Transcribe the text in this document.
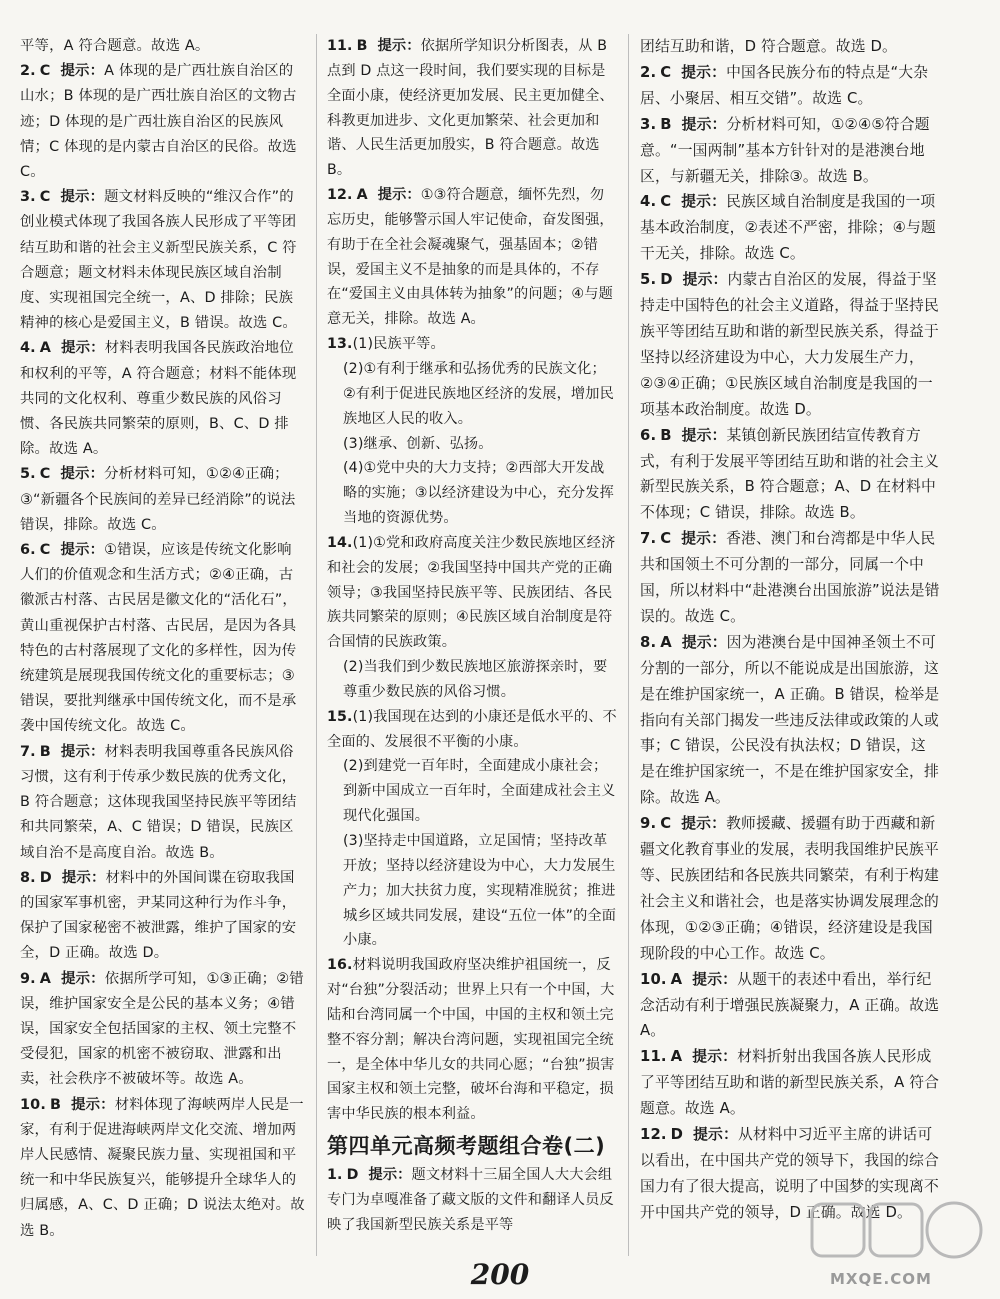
平等，A 符合题意。故选 A。
2. C 提示：A 体现的是广西壮族自治区的山水；B 体现的是广西壮族自治区的文物古迹；D 体现的是广西壮族自治区的民族风情；C 体现的是内蒙古自治区的民俗。故选 C。
3. C 提示：题文材料反映的“维汉合作”的创业模式体现了我国各族人民形成了平等团结互助和谐的社会主义新型民族关系，C 符合题意；题文材料未体现民族区域自治制度、实现祖国完全统一，A、D 排除；民族精神的核心是爱国主义，B 错误。故选 C。
4. A 提示：材料表明我国各民族政治地位和权利的平等，A 符合题意；材料不能体现共同的文化权利、尊重少数民族的风俗习惯、各民族共同繁荣的原则，B、C、D 排除。故选 A。
5. C 提示：分析材料可知，①②④正确；③“新疆各个民族间的差异已经消除”的说法错误，排除。故选 C。
6. C 提示：①错误，应该是传统文化影响人们的价值观念和生活方式；②④正确，古徽派古村落、古民居是徽文化的“活化石”，黄山重视保护古村落、古民居，是因为各具特色的古村落展现了文化的多样性，因为传统建筑是展现我国传统文化的重要标志；③错误，要批判继承中国传统文化，而不是承袭中国传统文化。故选 C。
7. B 提示：材料表明我国尊重各民族风俗习惯，这有利于传承少数民族的优秀文化，B 符合题意；这体现我国坚持民族平等团结和共同繁荣，A、C 错误；D 错误，民族区域自治不是高度自治。故选 B。
8. D 提示：材料中的外国间谍在窃取我国的国家军事机密，尹某同这种行为作斗争，保护了国家秘密不被泄露，维护了国家的安全，D 正确。故选 D。
9. A 提示：依据所学可知，①③正确；②错误，维护国家安全是公民的基本义务；④错误，国家安全包括国家的主权、领土完整不受侵犯，国家的机密不被窃取、泄露和出卖，社会秩序不被破坏等。故选 A。
10. B 提示：材料体现了海峡两岸人民是一家，有利于促进海峡两岸文化交流、增加两岸人民感情、凝聚民族力量、实现祖国和平统一和中华民族复兴，能够提升全球华人的归属感，A、C、D 正确；D 说法太绝对。故选 B。
11. B 提示：依据所学知识分析图表，从 B 点到 D 点这一段时间，我们要实现的目标是全面小康，使经济更加发展、民主更加健全、科教更加进步、文化更加繁荣、社会更加和谐、人民生活更加殷实，B 符合题意。故选 B。
12. A 提示：①③符合题意，缅怀先烈，勿忘历史，能够警示国人牢记使命，奋发图强，有助于在全社会凝魂聚气，强基固本；②错误，爱国主义不是抽象的而是具体的，不存在“爱国主义由具体转为抽象”的问题；④与题意无关，排除。故选 A。
13.(1)民族平等。
(2)①有利于继承和弘扬优秀的民族文化；②有利于促进民族地区经济的发展，增加民族地区人民的收入。
(3)继承、创新、弘扬。
(4)①党中央的大力支持；②西部大开发战略的实施；③以经济建设为中心，充分发挥当地的资源优势。
14.(1)①党和政府高度关注少数民族地区经济和社会的发展；②我国坚持中国共产党的正确领导；③我国坚持民族平等、民族团结、各民族共同繁荣的原则；④民族区域自治制度是符合国情的民族政策。
(2)当我们到少数民族地区旅游探亲时，要尊重少数民族的风俗习惯。
15.(1)我国现在达到的小康还是低水平的、不全面的、发展很不平衡的小康。
(2)到建党一百年时，全面建成小康社会；到新中国成立一百年时，全面建成社会主义现代化强国。
(3)坚持走中国道路，立足国情；坚持改革开放；坚持以经济建设为中心，大力发展生产力；加大扶贫力度，实现精准脱贫；推进城乡区域共同发展，建设“五位一体”的全面小康。
16.材料说明我国政府坚决维护祖国统一，反对“台独”分裂活动；世界上只有一个中国，大陆和台湾同属一个中国，中国的主权和领土完整不容分割；解决台湾问题，实现祖国完全统一，是全体中华儿女的共同心愿；“台独”损害国家主权和领土完整，破坏台海和平稳定，损害中华民族的根本利益。
第四单元高频考题组合卷(二)
1. D 提示：题文材料十三届全国人大大会组专门为卓嘎准备了藏文版的文件和翻译人员反映了我国新型民族关系是平等
团结互助和谐，D 符合题意。故选 D。
2. C 提示：中国各民族分布的特点是“大杂居、小聚居、相互交错”。故选 C。
3. B 提示：分析材料可知，①②④⑤符合题意。“一国两制”基本方针针对的是港澳台地区，与新疆无关，排除③。故选 B。
4. C 提示：民族区域自治制度是我国的一项基本政治制度，②表述不严密，排除；④与题干无关，排除。故选 C。
5. D 提示：内蒙古自治区的发展，得益于坚持走中国特色的社会主义道路，得益于坚持民族平等团结互助和谐的新型民族关系，得益于坚持以经济建设为中心，大力发展生产力，②③④正确；①民族区域自治制度是我国的一项基本政治制度。故选 D。
6. B 提示：某镇创新民族团结宣传教育方式，有利于发展平等团结互助和谐的社会主义新型民族关系，B 符合题意；A、D 在材料中不体现；C 错误，排除。故选 B。
7. C 提示：香港、澳门和台湾都是中华人民共和国领土不可分割的一部分，同属一个中国，所以材料中“赴港澳台出国旅游”说法是错误的。故选 C。
8. A 提示：因为港澳台是中国神圣领土不可分割的一部分，所以不能说成是出国旅游，这是在维护国家统一，A 正确。B 错误，检举是指向有关部门揭发一些违反法律或政策的人或事；C 错误，公民没有执法权；D 错误，这是在维护国家统一，不是在维护国家安全，排除。故选 A。
9. C 提示：教师援藏、援疆有助于西藏和新疆文化教育事业的发展，表明我国维护民族平等、民族团结和各民族共同繁荣，有利于构建社会主义和谐社会，也是落实协调发展理念的体现，①②③正确；④错误，经济建设是我国现阶段的中心工作。故选 C。
10. A 提示：从题干的表述中看出，举行纪念活动有利于增强民族凝聚力，A 正确。故选 A。
11. A 提示：材料折射出我国各族人民形成了平等团结互助和谐的新型民族关系，A 符合题意。故选 A。
12. D 提示：从材料中习近平主席的讲话可以看出，在中国共产党的领导下，我国的综合国力有了很大提高，说明了中国梦的实现离不开中国共产党的领导，D 正确。故选 D。
200	MXQE.COM
